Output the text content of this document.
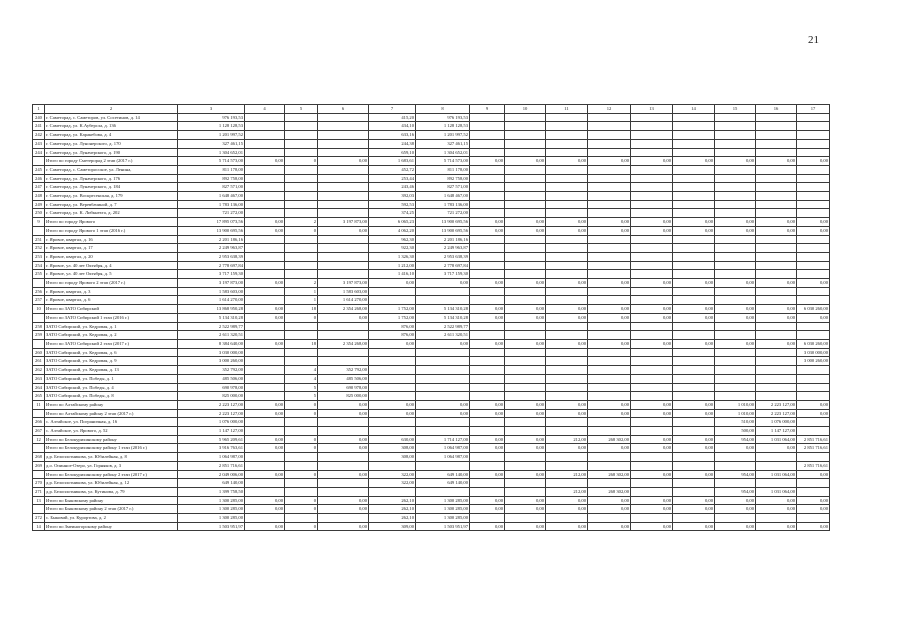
21
1	2	3	4	5	6	7	8	9	10	11	12	13	14	15	16	17
240	г. Саметорад, с. Саметоров, ул. Сосетинов, д. 14	976 193,53				415,20	976 193,53									
241	г. Саметорад, ул. К.Ауберсла, д. 136	1 128 128,53				434,10	1 128 128,53									
242	г. Саметорад, ул. Каракебова, д. 4	1 201 997,52				633,16	1 201 997,52									
243	г. Саметорад, ул. Лунонерского, д. 170	327 461,15				244,38	327 461,15									
244	г. Саметорад, ул. Луначерского, д. 190	1 304 652,01				659,10	1 304 652,01									
	Итого по городу Сметерорад 2 этап (2017 г.)	5 714 573,00	0,00	0	0,00	1 683,61	5 714 573,00	0,00	0,00	0,00	0,00	0,00	0,00	0,00	0,00	0,00
245	г. Саметорад, с. Саметоросское, ул. Ленина,	811 178,00				452,72	811 178,00									
246	г. Саметорад, ул. Луначерского, д. 176	892 758,00				253,44	892 758,00									
247	г. Саметорад, ул. Луначерского, д. 184	827 571,00				243,46	827 571,00									
248	г. Саметорад, ул. Воскресенская, д. 179	1 648 467,00				392,03	1 648 467,00									
249	г. Саметорад, ул. Веревбачиной, д. 7	1 783 136,00				592,53	1 783 136,00									
250	г. Саметорад, ул. К. Либкнехта, д. 202	721 272,00				374,25	721 272,00									
9	Итого по городу Ярового	17 895 073,56	0,00	2	3 197 873,00	6 065,23	13 900 695,56	0,00	0,00	0,00	0,00	0,00	0,00	0,00	0,00	0,00
	Итого по городу Ярового 1 этап (2016 г.)	13 900 695,56	0,00	0	0,00	4 062,20	13 900 695,56	0,00	0,00	0,00	0,00	0,00	0,00	0,00	0,00	0,00
251	г. Яровое, квартал, д. 16	2 201 186,16				962,30	2 201 186,16									
252	г. Яровое, квартал, д. 17	2 249 963,87				922,30	2 249 963,87									
253	г. Яровое, квартал, д. 20	2 953 638,39				1 326,30	2 953 638,39									
254	г. Яровое, ул. 40 лет Октября, д. 4	2 778 697,84				1 212,00	2 778 697,84									
255	г. Яровое, ул. 40 лет Октября, д. 5	3 717 159,30				1 416,10	3 717 159,30									
	Итого по городу Ярового 2 этап (2017 г.)	3 197 873,00	0,00	2	3 197 873,00	0,00	0,00	0,00	0,00	0,00	0,00	0,00	0,00	0,00	0,00	0,00
256	г. Яровое, квартал, д. 3	1 583 603,00		1	1 583 603,00											
257	г. Яровое, квартал, д. 6	1 614 270,00		1	1 614 270,00											
10	Итого по ЗАТО Сибирский	13 868 950,28	0,00	18	2 354 268,00	1 752,00	5 134 310,28	0,00	0,00	0,00	0,00	0,00	0,00	0,00	0,00	6 030 260,00
	Итого по ЗАТО Сибирский 1 этап (2016 г.)	5 134 310,28	0,00	0	0,00	1 752,00	5 134 310,28	0,00	0,00	0,00	0,00	0,00	0,00	0,00	0,00	0,00
258	ЗАТО Сибирский, ул. Кедровая, д. 1	2 522 989,77				876,00	2 522 989,77									
259	ЗАТО Сибирский, ул. Кедровая, д. 2	2 611 320,51				876,00	2 611 320,51									
	Итого по ЗАТО Сибирский 2 этап (2017 г.)	8 384 640,00	0,00	18	2 354 268,00	0,00	0,00	0,00	0,00	0,00	0,00	0,00	0,00	0,00	0,00	6 030 260,00
260	ЗАТО Сибирский, ул. Кедровая, д. 6	3 030 000,00														3 030 000,00
261	ЗАТО Сибирский, ул. Кедровая, д. 9	3 000 260,00														3 000 260,00
262	ЗАТО Сибирский, ул. Кедровая, д. 13	352 792,00		4	352 792,00											
263	ЗАТО Сибирский, ул. Победы, д. 1	485 506,00		4	485 506,00											
264	ЗАТО Сибирский, ул. Победы, д. 4	690 978,00		5	690 978,00											
265	ЗАТО Сибирский, ул. Победы, д. 8	825 000,00		5	825 000,00											
11	Итого по Алтайскому району	2 223 127,00	0,00	0	0,00	0,00	0,00	0,00	0,00	0,00	0,00	0,00	0,00	1 010,00	2 223 127,00	0,00
	Итого по Алтайскому району 2 этап (2017 г.)	2 223 127,00	0,00	0	0,00	0,00	0,00	0,00	0,00	0,00	0,00	0,00	0,00	1 010,00	2 223 127,00	0,00
266	с. Алтайское, ул. Пограничная, д. 16	1 076 000,00												510,00	1 076 000,00	
267	с. Алтайское, ул. Ярового, д. 52	1 147 127,00												500,00	1 147 127,00	
12	Итого по Белокурихинскому району	5 965 209,61	0,00	0	0,00	630,00	1 714 127,00	0,00	0,00	212,00	268 302,00	0,00	0,00	954,00	1 031 064,00	2 851 716,61
	Итого по Белокурихинскому району 1 этап (2016 г.)	3 916 763,61	0,00	0	0,00	308,00	1 064 987,00	0,00	0,00	0,00	0,00	0,00	0,00	0,00	0,00	2 851 716,61
268	д.р. Белоплотникова, ул. Юбилейная, д. 8	1 064 987,00				308,00	1 064 987,00									
269	д.о. Опинное-Озеро, ул. Горняков, д. 3	2 851 716,61														2 851 716,61
	Итого по Белокурихинскому району 2 этап (2017 г.)	2 049 006,00	0,00	0	0,00	322,00	649 140,00	0,00	0,00	212,00	268 302,00	0,00	0,00	954,00	1 031 064,00	0,00
270	д.р. Белоплотникова, ул. Юбилейная, д. 12	649 140,00				322,00	649 140,00									
271	д.р. Белоплотникова, ул. Кутинова, д. 79	1 399 758,50								212,00	268 302,00			954,00	1 031 064,00	
13	Итого по Быковскому району	1 300 285,00	0,00	0	0,00	262,10	1 300 285,00	0,00	0,00	0,00	0,00	0,00	0,00	0,00	0,00	0,00
	Итого по Быковскому району 2 этап (2017 г.)	1 300 285,00	0,00	0	0,00	262,10	1 300 285,00	0,00	0,00	0,00	0,00	0,00	0,00	0,00	0,00	0,00
272	с. Быковий, ул. Курортова, д. 2	1 300 285,00				262,10	1 300 285,00									
14	Итого по Змеиногорскому району	1 503 951,97	0,00	0	0,00	309,00	1 503 951,97	0,00	0,00	0,00	0,00	0,00	0,00	0,00	0,00	0,00
